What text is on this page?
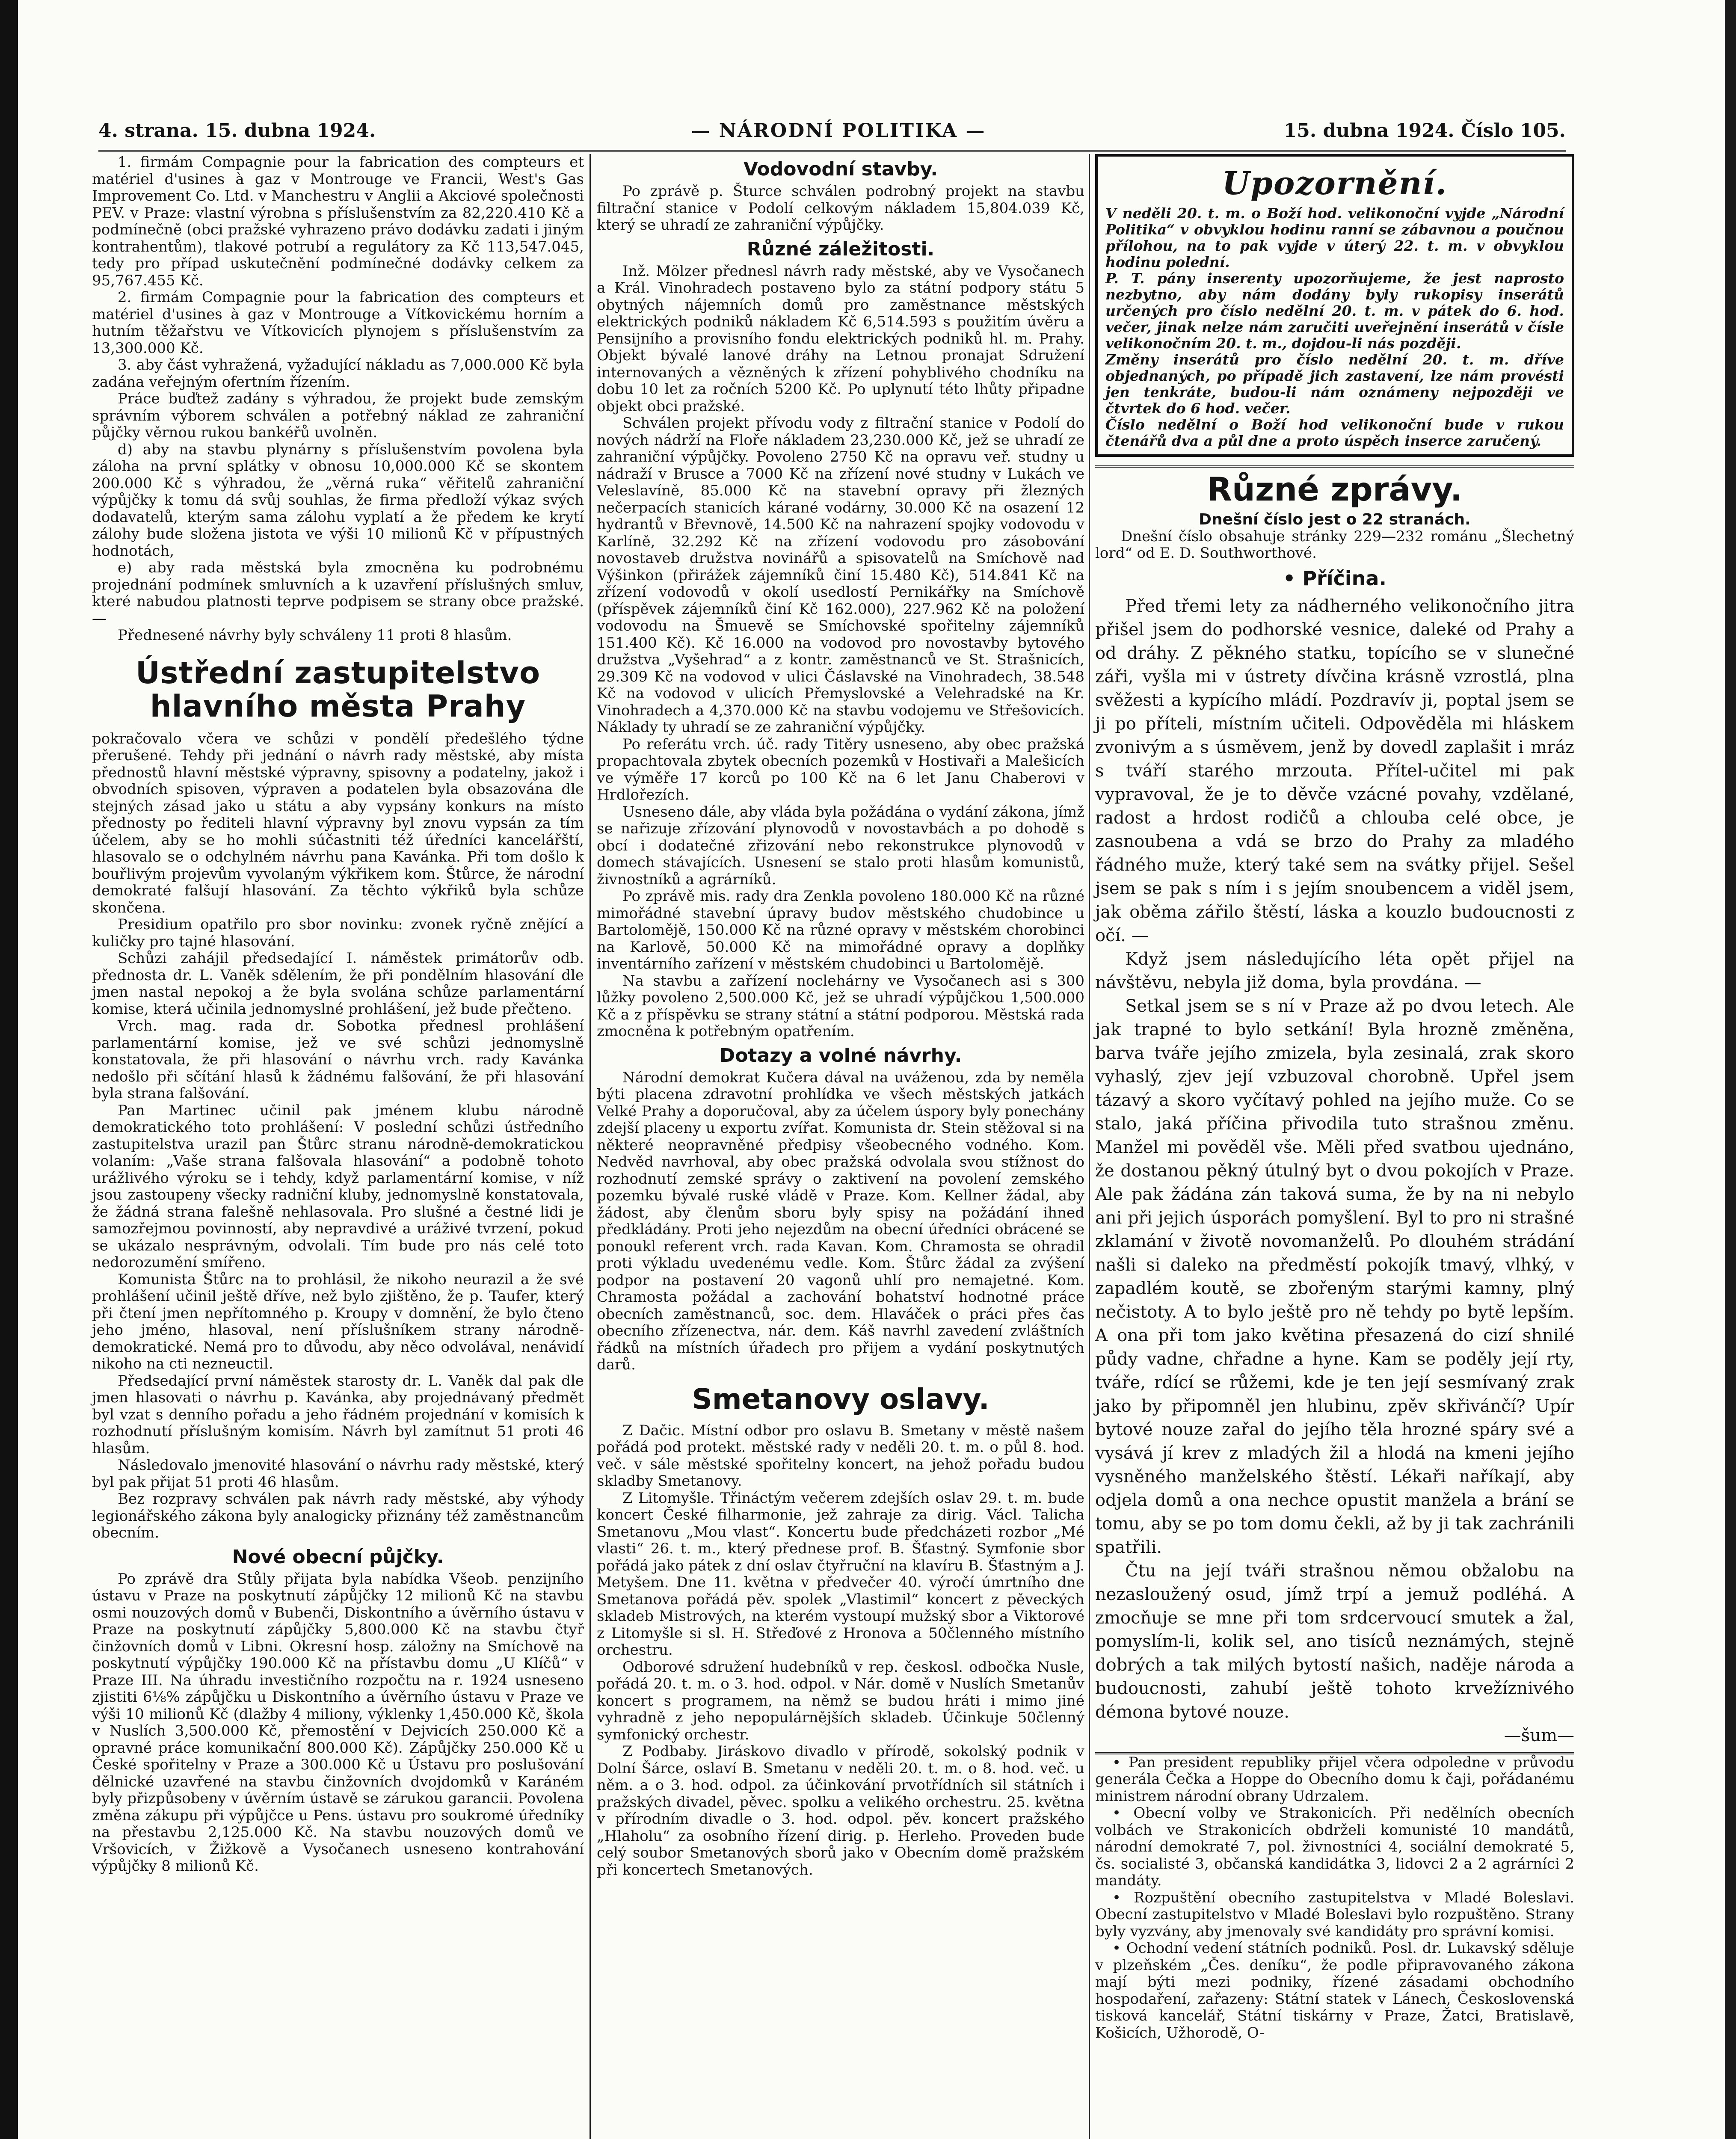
4. strana. 15. dubna 1924.	— NÁRODNÍ POLITIKA —	15. dubna 1924. Číslo 105.

1. firmám Compagnie pour la fabrication des compteurs et matériel d'usines à gaz v Montrouge ve Francii, West's Gas Improvement Co. Ltd. v Manchestru v Anglii a Akciové společnosti PEV. v Praze: vlastní výrobna s příslušenstvím za 82,220.410 Kč a podmínečně (obci pražské vyhrazeno právo dodávku zadati i jiným kontrahentům), tlakové potrubí a regulátory za Kč 113,547.045, tedy pro případ uskutečnění podmínečné dodávky celkem za 95,767.455 Kč.

2. firmám Compagnie pour la fabrication des compteurs et matériel d'usines à gaz v Montrouge a Vítkovickému horním a hutním těžařstvu ve Vítkovicích plynojem s příslušenstvím za 13,300.000 Kč.

3. aby část vyhražená, vyžadující nákladu as 7,000.000 Kč byla zadána veřejným ofertním řízením.

Práce buďtež zadány s výhradou, že projekt bude zemským správním výborem schválen a potřebný náklad ze zahraniční půjčky věrnou rukou bankéřů uvolněn.

d) aby na stavbu plynárny s příslušenstvím povolena byla záloha na první splátky v obnosu 10,000.000 Kč se skontem 200.000 Kč s výhradou, že „věrná ruka“ věřitelů zahraniční výpůjčky k tomu dá svůj souhlas, že firma předloží výkaz svých dodavatelů, kterým sama zálohu vyplatí a že předem ke krytí zálohy bude složena jistota ve výši 10 milionů Kč v přípustných hodnotách,

e) aby rada městská byla zmocněna ku podrobnému projednání podmínek smluvních a k uzavření příslušných smluv, které nabudou platnosti teprve podpisem se strany obce pražské. —

Přednesené návrhy byly schváleny 11 proti 8 hlasům.

Ústřední zastupitelstvo hlavního města Prahy

pokračovalo včera ve schůzi v pondělí předešlého týdne přerušené. Tehdy při jednání o návrh rady městské, aby místa přednostů hlavní městské výpravny, spisovny a podatelny, jakož i obvodních spisoven, výpraven a podatelen byla obsazována dle stejných zásad jako u státu a aby vypsány konkurs na místo přednosty po řediteli hlavní výpravny byl znovu vypsán za tím účelem, aby se ho mohli súčastniti též úředníci kancelářští, hlasovalo se o odchylném návrhu pana Kavánka. Při tom došlo k bouřlivým projevům vyvolaným výkřikem kom. Štůrce, že národní demokraté falšují hlasování. Za těchto výkřiků byla schůze skončena.

Presidium opatřilo pro sbor novinku: zvonek ryčně znějící a kuličky pro tajné hlasování.

Schůzi zahájil předsedající I. náměstek primátorův odb. přednosta dr. L. Vaněk sdělením, že při pondělním hlasování dle jmen nastal nepokoj a že byla svolána schůze parlamentární komise, která učinila jednomyslné prohlášení, jež bude přečteno.

Vrch. mag. rada dr. Sobotka přednesl prohlášení parlamentární komise, jež ve své schůzi jednomyslně konstatovala, že při hlasování o návrhu vrch. rady Kavánka nedošlo při sčítání hlasů k žádnému falšování, že při hlasování byla strana falšování.

Pan Martinec učinil pak jménem klubu národně demokratického toto prohlášení: V poslední schůzi ústředního zastupitelstva urazil pan Štůrc stranu národně-demokratickou volaním: „Vaše strana falšovala hlasování“ a podobně tohoto urážlivého výroku se i tehdy, když parlamentární komise, v níž jsou zastoupeny všecky radniční kluby, jednomyslně konstatovala, že žádná strana falešně nehlasovala. Pro slušné a čestné lidi je samozřejmou povinností, aby nepravdivé a uráživé tvrzení, pokud se ukázalo nesprávným, odvolali. Tím bude pro nás celé toto nedorozumění smířeno.

Komunista Štůrc na to prohlásil, že nikoho neurazil a že své prohlášení učinil ještě dříve, než bylo zjištěno, že p. Taufer, který při čtení jmen nepřítomného p. Kroupy v domnění, že bylo čteno jeho jméno, hlasoval, není příslušníkem strany národně-demokratické. Nemá pro to důvodu, aby něco odvolával, nenávidí nikoho na cti nezneuctil.

Předsedající první náměstek starosty dr. L. Vaněk dal pak dle jmen hlasovati o návrhu p. Kavánka, aby projednávaný předmět byl vzat s denního pořadu a jeho řádném projednání v komisích k rozhodnutí příslušným komisím. Návrh byl zamítnut 51 proti 46 hlasům.

Následovalo jmenovité hlasování o návrhu rady městské, který byl pak přijat 51 proti 46 hlasům.

Bez rozpravy schválen pak návrh rady městské, aby výhody legionářského zákona byly analogicky přiznány též zaměstnancům obecním.

Nové obecní půjčky.

Po zprávě dra Stůly přijata byla nabídka Všeob. penzijního ústavu v Praze na poskytnutí zápůjčky 12 milionů Kč na stavbu osmi nouzových domů v Bubenči, Diskontního a úvěrního ústavu v Praze na poskytnutí zápůjčky 5,800.000 Kč na stavbu čtyř činžovních domů v Libni. Okresní hosp. záložny na Smíchově na poskytnutí výpůjčky 190.000 Kč na přístavbu domu „U Klíčů“ v Praze III. Na úhradu investičního rozpočtu na r. 1924 usneseno zjistiti 6⅛% zápůjčku u Diskontního a úvěrního ústavu v Praze ve výši 10 milionů Kč (dlažby 4 miliony, výklenky 1,450.000 Kč, škola v Nuslích 3,500.000 Kč, přemostění v Dejvicích 250.000 Kč a opravné práce komunikační 800.000 Kč). Zápůjčky 250.000 Kč u České spořitelny v Praze a 300.000 Kč u Ústavu pro poslušování dělnické uzavřené na stavbu činžovních dvojdomků v Karáném byly přizpůsobeny v úvěrním ústavě se zárukou garancii. Povolena změna zákupu při výpůjčce u Pens. ústavu pro soukromé úředníky na přestavbu 2,125.000 Kč. Na stavbu nouzových domů ve Vršovicích, v Žižkově a Vysočanech usneseno kontrahování výpůjčky 8 milionů Kč.

Vodovodní stavby.

Po zprávě p. Šturce schválen podrobný projekt na stavbu filtrační stanice v Podolí celkovým nákladem 15,804.039 Kč, který se uhradí ze zahraniční výpůjčky.

Různé záležitosti.

Inž. Mölzer přednesl návrh rady městské, aby ve Vysočanech a Král. Vinohradech postaveno bylo za státní podpory státu 5 obytných nájemních domů pro zaměstnance městských elektrických podniků nákladem Kč 6,514.593 s použitím úvěru a Pensijního a provisního fondu elektrických podniků hl. m. Prahy. Objekt bývalé lanové dráhy na Letnou pronajat Sdružení internovaných a vězněných k zřízení pohyblivého chodníku na dobu 10 let za ročních 5200 Kč. Po uplynutí této lhůty připadne objekt obci pražské.

Schválen projekt přívodu vody z filtrační stanice v Podolí do nových nádrží na Floře nákladem 23,230.000 Kč, jež se uhradí ze zahraniční výpůjčky. Povoleno 2750 Kč na opravu veř. studny u nádraží v Brusce a 7000 Kč na zřízení nové studny v Lukách ve Veleslavíně, 85.000 Kč na stavební opravy při žlezných nečerpacích stanicích kárané vodárny, 30.000 Kč na osazení 12 hydrantů v Břevnově, 14.500 Kč na nahrazení spojky vodovodu v Karlíně, 32.292 Kč na zřízení vodovodu pro zásobování novostaveb družstva novinářů a spisovatelů na Smíchově nad Výšinkon (přirážek zájemníků činí 15.480 Kč), 514.841 Kč na zřízení vodovodů v okolí usedlostí Pernikářky na Smíchově (příspěvek zájemníků činí Kč 162.000), 227.962 Kč na položení vodovodu na Šmuevě se Smíchovské spořitelny zájemníků 151.400 Kč). Kč 16.000 na vodovod pro novostavby bytového družstva „Vyšehrad“ a z kontr. zaměstnanců ve St. Strašnicích, 29.309 Kč na vodovod v ulici Čáslavské na Vinohradech, 38.548 Kč na vodovod v ulicích Přemyslovské a Velehradské na Kr. Vinohradech a 4,370.000 Kč na stavbu vodojemu ve Střešovicích. Náklady ty uhradí se ze zahraniční výpůjčky.

Po referátu vrch. úč. rady Titěry usneseno, aby obec pražská propachtovala zbytek obecních pozemků v Hostivaři a Malešicích ve výměře 17 korců po 100 Kč na 6 let Janu Chaberovi v Hrdlořezích.

Usneseno dále, aby vláda byla požádána o vydání zákona, jímž se nařizuje zřízování plynovodů v novostavbách a po dohodě s obcí i dodatečné zřizování nebo rekonstrukce plynovodů v domech stávajících. Usnesení se stalo proti hlasům komunistů, živnostníků a agrárníků.

Po zprávě mis. rady dra Zenkla povoleno 180.000 Kč na různé mimořádné stavební úpravy budov městského chudobince u Bartolomějě, 150.000 Kč na různé opravy v městském chorobinci na Karlově, 50.000 Kč na mimořádné opravy a doplňky inventárního zařízení v městském chudobinci u Bartolomějě.

Na stavbu a zařízení noclehárny ve Vysočanech asi s 300 lůžky povoleno 2,500.000 Kč, jež se uhradí výpůjčkou 1,500.000 Kč a z příspěvku se strany státní a státní podporou. Městská rada zmocněna k potřebným opatřením.

Dotazy a volné návrhy.

Národní demokrat Kučera dával na uváženou, zda by neměla býti placena zdravotní prohlídka ve všech městských jatkách Velké Prahy a doporučoval, aby za účelem úspory byly ponechány zdejší placeny u exportu zvířat. Komunista dr. Stein stěžoval si na některé neopravněné předpisy všeobecného vodného. Kom. Nedvěd navrhoval, aby obec pražská odvolala svou stížnost do rozhodnutí zemské správy o zaktivení na povolení zemského pozemku bývalé ruské vládě v Praze. Kom. Kellner žádal, aby žádost, aby členům sboru byly spisy na požádání ihned předkládány. Proti jeho nejezdům na obecní úředníci obrácené se ponoukl referent vrch. rada Kavan. Kom. Chramosta se ohradil proti výkladu uvedenému vedle. Kom. Štůrc žádal za zvýšení podpor na postavení 20 vagonů uhlí pro nemajetné. Kom. Chramosta požádal a zachování bohatství hodnotné práce obecních zaměstnanců, soc. dem. Hlaváček o práci přes čas obecního zřízenectva, nár. dem. Káš navrhl zavedení zvláštních řádků na místních úřadech pro přijem a vydání poskytnutých darů.

Smetanovy oslavy.

Z Dačic. Místní odbor pro oslavu B. Smetany v městě našem pořádá pod protekt. městské rady v neděli 20. t. m. o půl 8. hod. več. v sále městské spořitelny koncert, na jehož pořadu budou skladby Smetanovy.

Z Litomyšle. Třináctým večerem zdejších oslav 29. t. m. bude koncert České filharmonie, jež zahraje za dirig. Václ. Talicha Smetanovu „Mou vlast“. Koncertu bude předcházeti rozbor „Mé vlasti“ 26. t. m., který přednese prof. B. Šťastný. Symfonie sbor pořádá jako pátek z dní oslav čtyřruční na klavíru B. Šťastným a J. Metyšem. Dne 11. května v předvečer 40. výročí úmrtního dne Smetanova pořádá pěv. spolek „Vlastimil“ koncert z pěveckých skladeb Mistrových, na kterém vystoupí mužský sbor a Viktorové z Litomyšle si sl. H. Střeďové z Hronova a 50členného místního orchestru.

Odborové sdružení hudebníků v rep. českosl. odbočka Nusle, pořádá 20. t. m. o 3. hod. odpol. v Nár. domě v Nuslích Smetanův koncert s programem, na němž se budou hráti i mimo jiné vyhradně z jeho nepopulárnějších skladeb. Účinkuje 50členný symfonický orchestr.

Z Podbaby. Jiráskovo divadlo v přírodě, sokolský podnik v Dolní Šárce, oslaví B. Smetanu v neděli 20. t. m. o 8. hod. več. u něm. a o 3. hod. odpol. za účinkování prvotřídních sil státních i pražských divadel, pěvec. spolku a velikého orchestru. 25. května v přírodním divadle o 3. hod. odpol. pěv. koncert pražského „Hlaholu“ za osobního řízení dirig. p. Herleho. Proveden bude celý soubor Smetanových sborů jako v Obecním domě pražském při koncertech Smetanových.

Upozornění.

V neděli 20. t. m. o Boží hod. velikonoční vyjde „Národní Politika“ v obvyklou hodinu ranní se zábavnou a poučnou přílohou, na to pak vyjde v úterý 22. t. m. v obvyklou hodinu polední.

P. T. pány inserenty upozorňujeme, že jest naprosto nezbytno, aby nám dodány byly rukopisy inserátů určených pro číslo nedělní 20. t. m. v pátek do 6. hod. večer, jinak nelze nám zaručiti uveřejnění inserátů v čísle velikonočním 20. t. m., dojdou-li nás později.

Změny inserátů pro číslo nedělní 20. t. m. dříve objednaných, po případě jich zastavení, lze nám provésti jen tenkráte, budou-li nám oznámeny nejpozději ve čtvrtek do 6 hod. večer.

Číslo nedělní o Boží hod velikonoční bude v rukou čtenářů dva a půl dne a proto úspěch inserce zaručený.

Různé zprávy.
Dnešní číslo jest o 22 stranách.

Dnešní číslo obsahuje stránky 229—232 románu „Šlechetný lord“ od E. D. Southworthové.

• Příčina.

Před třemi lety za nádherného velikonočního jitra přišel jsem do podhorské vesnice, daleké od Prahy a od dráhy. Z pěkného statku, topícího se v slunečné záři, vyšla mi v ústrety dívčina krásně vzrostlá, plna svěžesti a kypícího mládí. Pozdravív ji, poptal jsem se ji po příteli, místním učiteli. Odpověděla mi hláskem zvonivým a s úsměvem, jenž by dovedl zaplašit i mráz s tváří starého mrzouta. Přítel-učitel mi pak vypravoval, že je to děvče vzácné povahy, vzdělané, radost a hrdost rodičů a chlouba celé obce, je zasnoubena a vdá se brzo do Prahy za mladého řádného muže, který také sem na svátky přijel. Sešel jsem se pak s ním i s jejím snoubencem a viděl jsem, jak oběma zářilo štěstí, láska a kouzlo budoucnosti z očí. —

Když jsem následujícího léta opět přijel na návštěvu, nebyla již doma, byla provdána. —

Setkal jsem se s ní v Praze až po dvou letech. Ale jak trapné to bylo setkání! Byla hrozně změněna, barva tváře jejího zmizela, byla zesinalá, zrak skoro vyhaslý, zjev její vzbuzoval chorobně. Upřel jsem tázavý a skoro vyčítavý pohled na jejího muže. Co se stalo, jaká příčina přivodila tuto strašnou změnu. Manžel mi pověděl vše. Měli před svatbou ujednáno, že dostanou pěkný útulný byt o dvou pokojích v Praze. Ale pak žádána zán taková suma, že by na ni nebylo ani při jejich úsporách pomyšlení. Byl to pro ni strašné zklamání v životě novomanželů. Po dlouhém strádání našli si daleko na předměstí pokojík tmavý, vlhký, v zapadlém koutě, se zbořeným starými kamny, plný nečistoty. A to bylo ještě pro ně tehdy po bytě lepším. A ona při tom jako květina přesazená do cizí shnilé půdy vadne, chřadne a hyne. Kam se poděly její rty, tváře, rdící se růžemi, kde je ten její sesmívaný zrak jako by připomněl jen hlubinu, zpěv skřivánčí? Upír bytové nouze zařal do jejího těla hrozné spáry své a vysává jí krev z mladých žil a hlodá na kmeni jejího vysněného manželského štěstí. Lékaři naříkají, aby odjela domů a ona nechce opustit manžela a brání se tomu, aby se po tom domu čekli, až by ji tak zachránili spatřili.

Čtu na její tváři strašnou němou obžalobu na nezasloužený osud, jímž trpí a jemuž podléhá. A zmocňuje se mne při tom srdcervoucí smutek a žal, pomyslím-li, kolik sel, ano tisíců neznámých, stejně dobrých a tak milých bytostí našich, naděje národa a budoucnosti, zahubí ještě tohoto krvežíznivého démona bytové nouze.

—šum—

• Pan president republiky přijel včera odpoledne v průvodu generála Čečka a Hoppe do Obecního domu k čaji, pořádanému ministrem národní obrany Udrzalem.

• Obecní volby ve Strakonicích. Při nedělních obecních volbách ve Strakonicích obdrželi komunisté 10 mandátů, národní demokraté 7, pol. živnostníci 4, sociální demokraté 5, čs. socialisté 3, občanská kandidátka 3, lidovci 2 a 2 agrárníci 2 mandáty.

• Rozpuštění obecního zastupitelstva v Mladé Boleslavi. Obecní zastupitelstvo v Mladé Boleslavi bylo rozpuštěno. Strany byly vyzvány, aby jmenovaly své kandidáty pro správní komisi.

• Ochodní vedení státních podniků. Posl. dr. Lukavský sděluje v plzeňském „Čes. deníku“, že podle připravovaného zákona mají býti mezi podniky, řízené zásadami obchodního hospodaření, zařazeny: Státní statek v Lánech, Československá tisková kancelář, Státní tiskárny v Praze, Žatci, Bratislavě, Košicích, Užhorodě, O-
